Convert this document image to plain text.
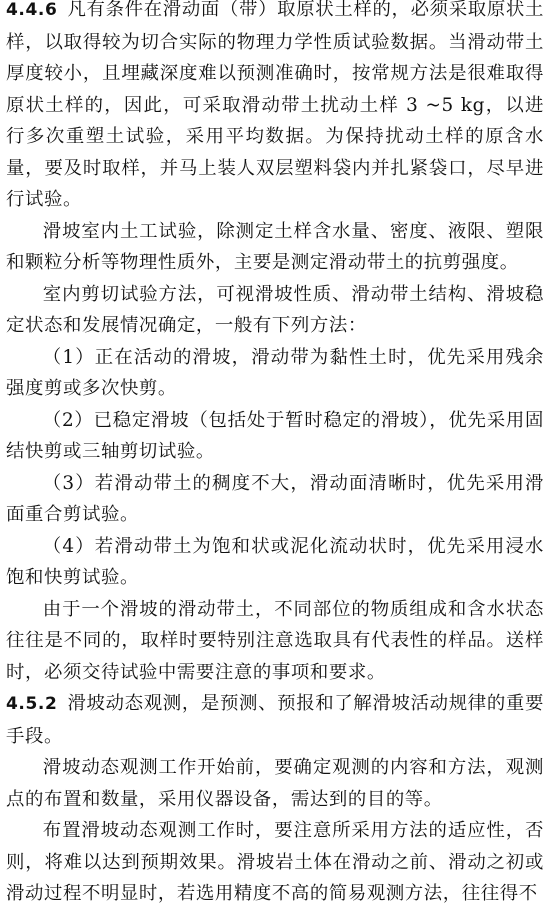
4.4.6 凡有条件在滑动面（带）取原状土样的，必须采取原状土样，以取得较为切合实际的物理力学性质试验数据。当滑动带土厚度较小，且埋藏深度难以预测准确时，按常规方法是很难取得原状土样的，因此，可采取滑动带土扰动土样 3 ~5 kg，以进行多次重塑土试验，采用平均数据。为保持扰动土样的原含水量，要及时取样，并马上装人双层塑料袋内并扎紧袋口，尽早进行试验。

滑坡室内土工试验，除测定土样含水量、密度、液限、塑限和颗粒分析等物理性质外，主要是测定滑动带土的抗剪强度。

室内剪切试验方法，可视滑坡性质、滑动带土结构、滑坡稳定状态和发展情况确定，一般有下列方法：

（1）正在活动的滑坡，滑动带为黏性土时，优先采用残余强度剪或多次快剪。

（2）已稳定滑坡（包括处于暂时稳定的滑坡），优先采用固结快剪或三轴剪切试验。

（3）若滑动带土的稠度不大，滑动面清晰时，优先采用滑面重合剪试验。

（4）若滑动带土为饱和状或泥化流动状时，优先采用浸水饱和快剪试验。

由于一个滑坡的滑动带土，不同部位的物质组成和含水状态往往是不同的，取样时要特别注意选取具有代表性的样品。送样时，必须交待试验中需要注意的事项和要求。

4.5.2 滑坡动态观测，是预测、预报和了解滑坡活动规律的重要手段。

滑坡动态观测工作开始前，要确定观测的内容和方法，观测点的布置和数量，采用仪器设备，需达到的目的等。

布置滑坡动态观测工作时，要注意所采用方法的适应性，否则，将难以达到预期效果。滑坡岩土体在滑动之前、滑动之初或滑动过程不明显时，若选用精度不高的简易观测方法，往往得不
